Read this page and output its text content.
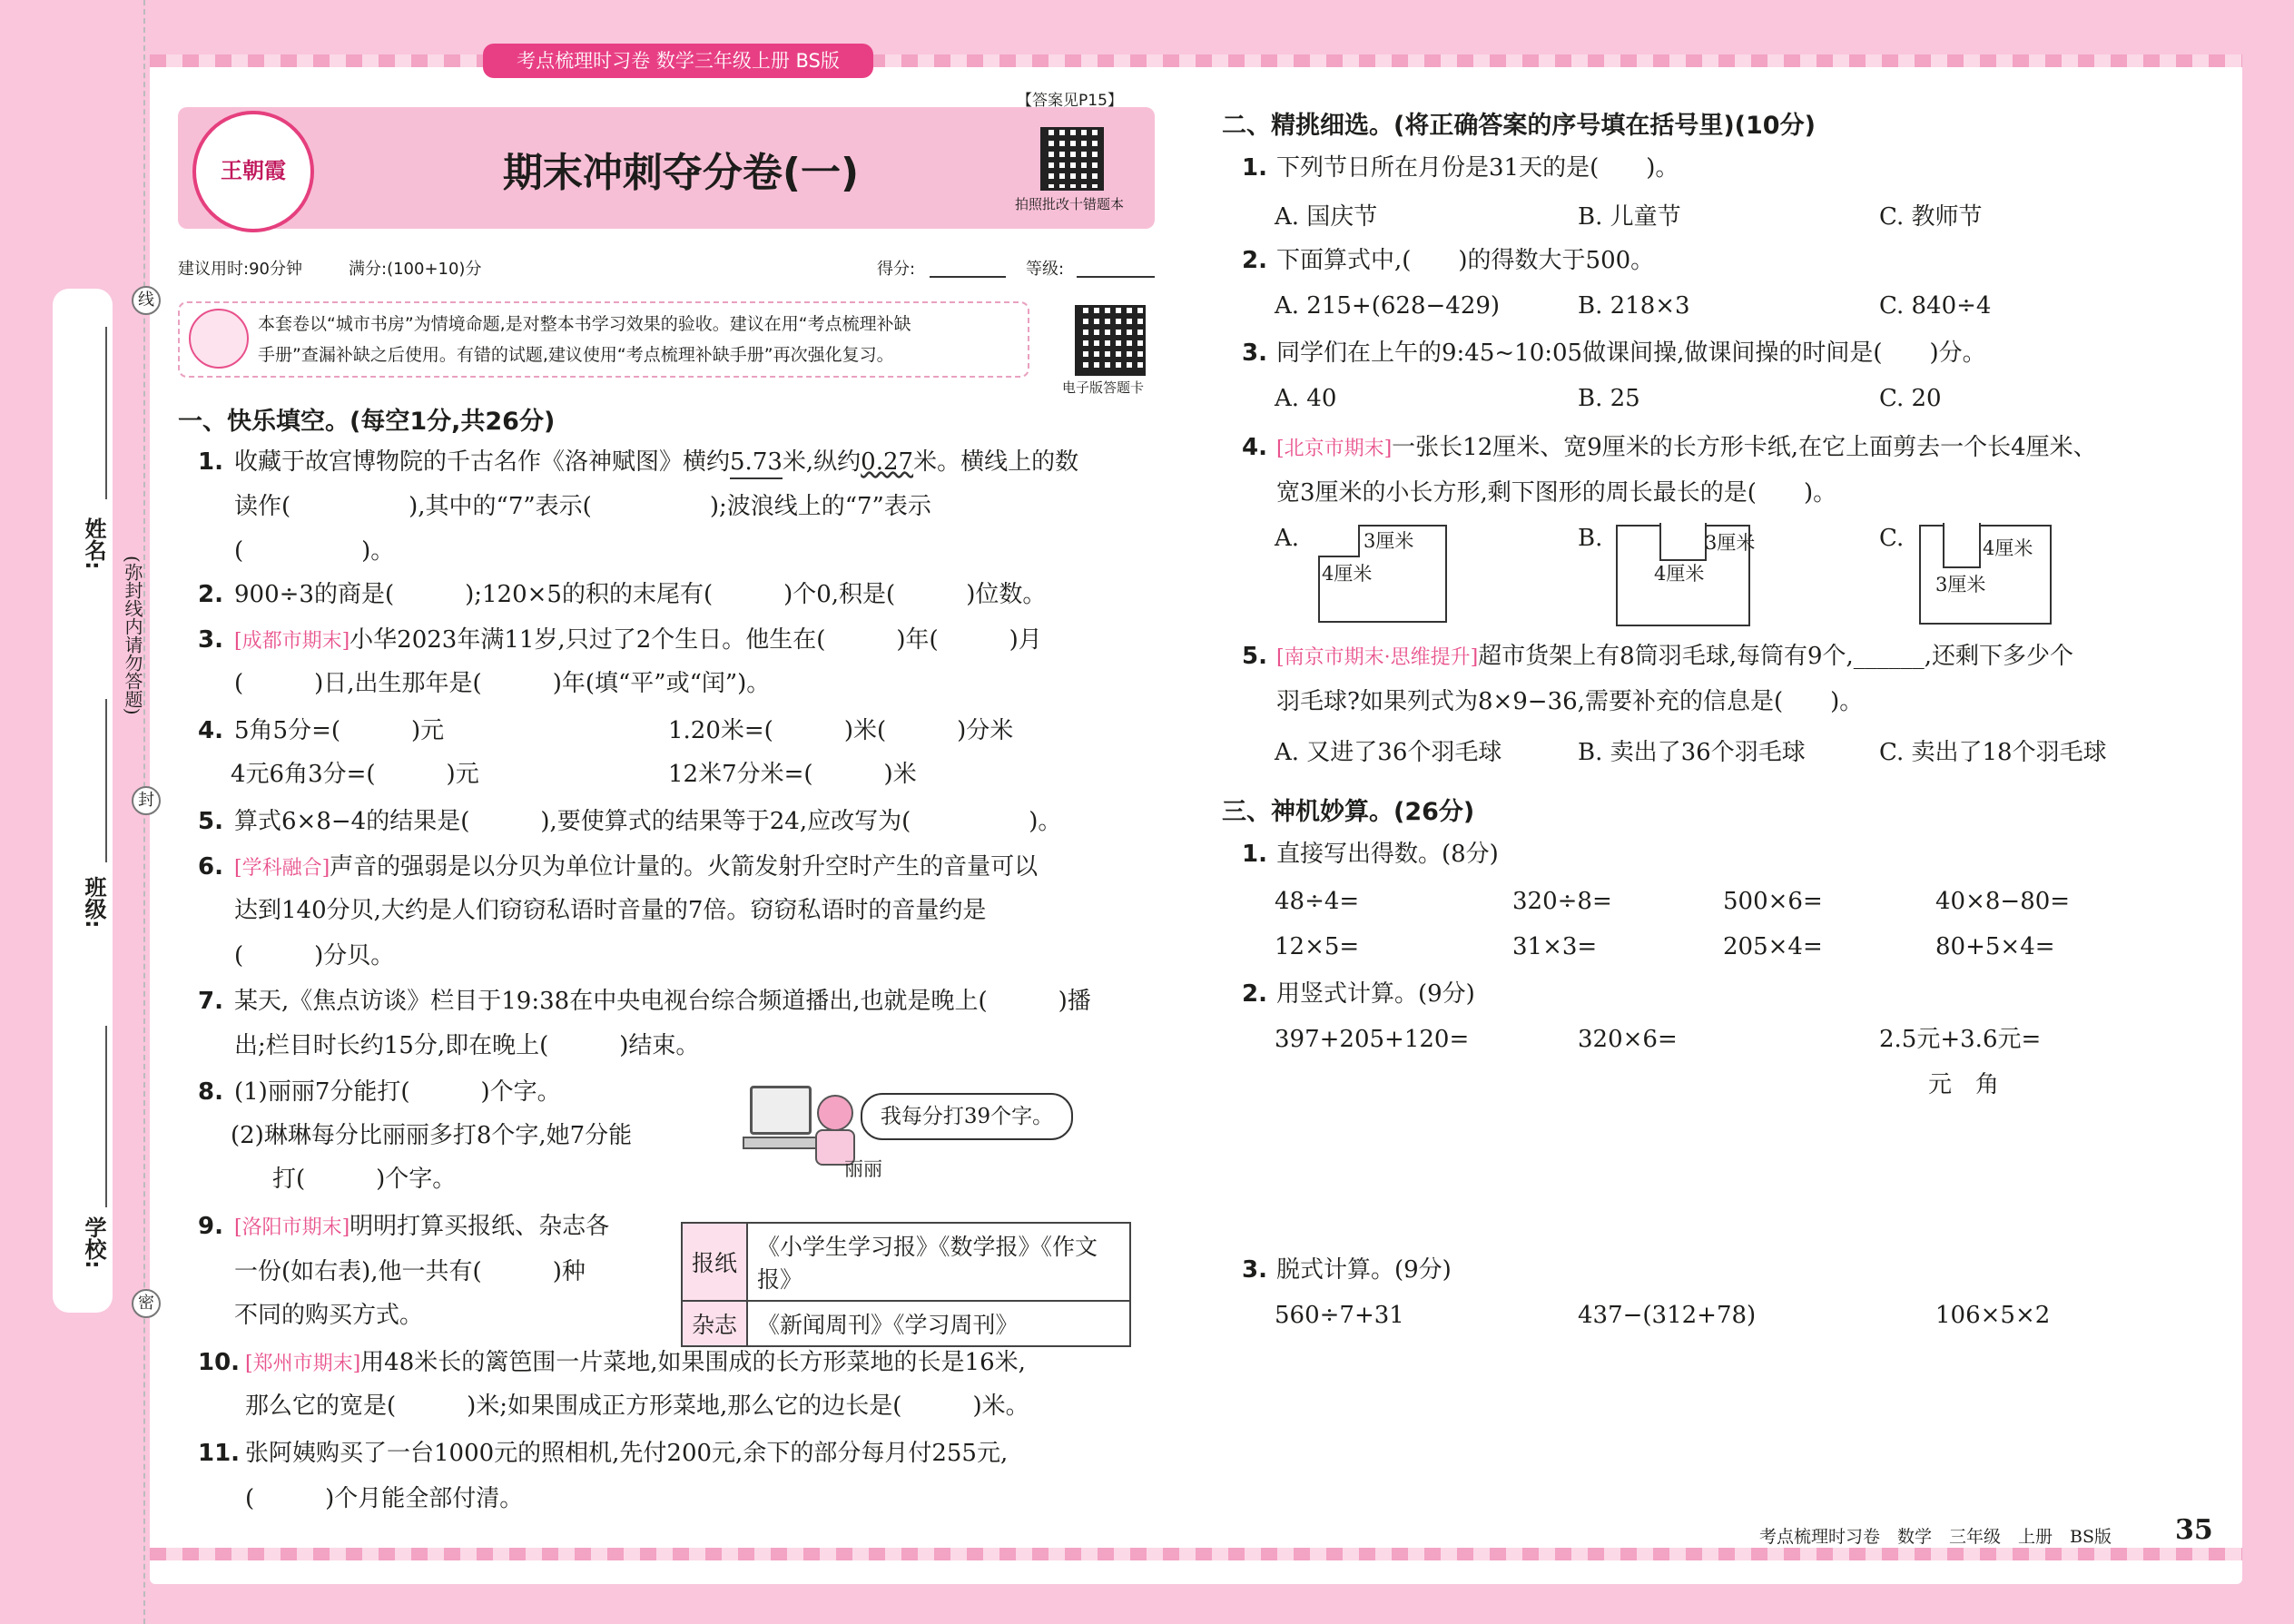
姓名:
班级:
学校:
(弥封线内请勿答题)
线
封
密
考点梳理时习卷 数学三年级上册 BS版
王朝霞	期末冲刺夺分卷(一)
【答案见P15】
拍照批改十错题本
建议用时:90分钟	满分:(100+10)分	得分:	等级:
本套卷以“城市书房”为情境命题,是对整本书学习效果的验收。建议在用“考点梳理补缺
手册”查漏补缺之后使用。有错的试题,建议使用“考点梳理补缺手册”再次强化复习。
电子版答题卡
一、快乐填空。(每空1分,共26分)
1. 收藏于故宫博物院的千古名作《洛神赋图》横约5.73米,纵约0.27米。横线上的数
读作(　　　　　),其中的“7”表示(　　　　　);波浪线上的“7”表示
(　　　　　)。
2. 900÷3的商是(　　　);120×5的积的末尾有(　　　)个0,积是(　　　)位数。
3. [成都市期末]小华2023年满11岁,只过了2个生日。他生在(　　　)年(　　　)月
(　　　)日,出生那年是(　　　)年(填“平”或“闰”)。
4. 5角5分=(　　　)元	1.20米=(　　　)米(　　　)分米
4元6角3分=(　　　)元	12米7分米=(　　　)米
5. 算式6×8−4的结果是(　　　),要使算式的结果等于24,应改写为(　　　　　)。
6. [学科融合]声音的强弱是以分贝为单位计量的。火箭发射升空时产生的音量可以
达到140分贝,大约是人们窃窃私语时音量的7倍。窃窃私语时的音量约是
(　　　)分贝。
7. 某天,《焦点访谈》栏目于19:38在中央电视台综合频道播出,也就是晚上(　　　)播
出;栏目时长约15分,即在晚上(　　　)结束。
8. (1)丽丽7分能打(　　　)个字。
(2)琳琳每分比丽丽多打8个字,她7分能
打(　　　)个字。
我每分打39个字。
丽丽
9. [洛阳市期末]明明打算买报纸、杂志各
一份(如右表),他一共有(　　　)种
不同的购买方式。
报纸	《小学生学习报》《数学报》《作文报》
杂志	《新闻周刊》《学习周刊》
10. [郑州市期末]用48米长的篱笆围一片菜地,如果围成的长方形菜地的长是16米,
那么它的宽是(　　　)米;如果围成正方形菜地,那么它的边长是(　　　)米。
11. 张阿姨购买了一台1000元的照相机,先付200元,余下的部分每月付255元,
(　　　)个月能全部付清。
二、精挑细选。(将正确答案的序号填在括号里)(10分)
1. 下列节日所在月份是31天的是(　　)。
A. 国庆节	B. 儿童节	C. 教师节
2. 下面算式中,(　　)的得数大于500。
A. 215+(628−429)	B. 218×3	C. 840÷4
3. 同学们在上午的9:45~10:05做课间操,做课间操的时间是(　　)分。
A. 40	B. 25	C. 20
4. [北京市期末]一张长12厘米、宽9厘米的长方形卡纸,在它上面剪去一个长4厘米、
宽3厘米的小长方形,剩下图形的周长最长的是(　　)。
A.	3厘米
4厘米
B.	3厘米
4厘米
C.	4厘米
3厘米
5. [南京市期末·思维提升]超市货架上有8筒羽毛球,每筒有9个,______,还剩下多少个
羽毛球?如果列式为8×9−36,需要补充的信息是(　　)。
A. 又进了36个羽毛球	B. 卖出了36个羽毛球	C. 卖出了18个羽毛球
三、神机妙算。(26分)
1. 直接写出得数。(8分)
48÷4=	320÷8=	500×6=	40×8−80=
12×5=	31×3=	205×4=	80+5×4=
2. 用竖式计算。(9分)
397+205+120=	320×6=	2.5元+3.6元=
元　角
3. 脱式计算。(9分)
560÷7+31	437−(312+78)	106×5×2
考点梳理时习卷　数学　三年级　上册　BS版 35
